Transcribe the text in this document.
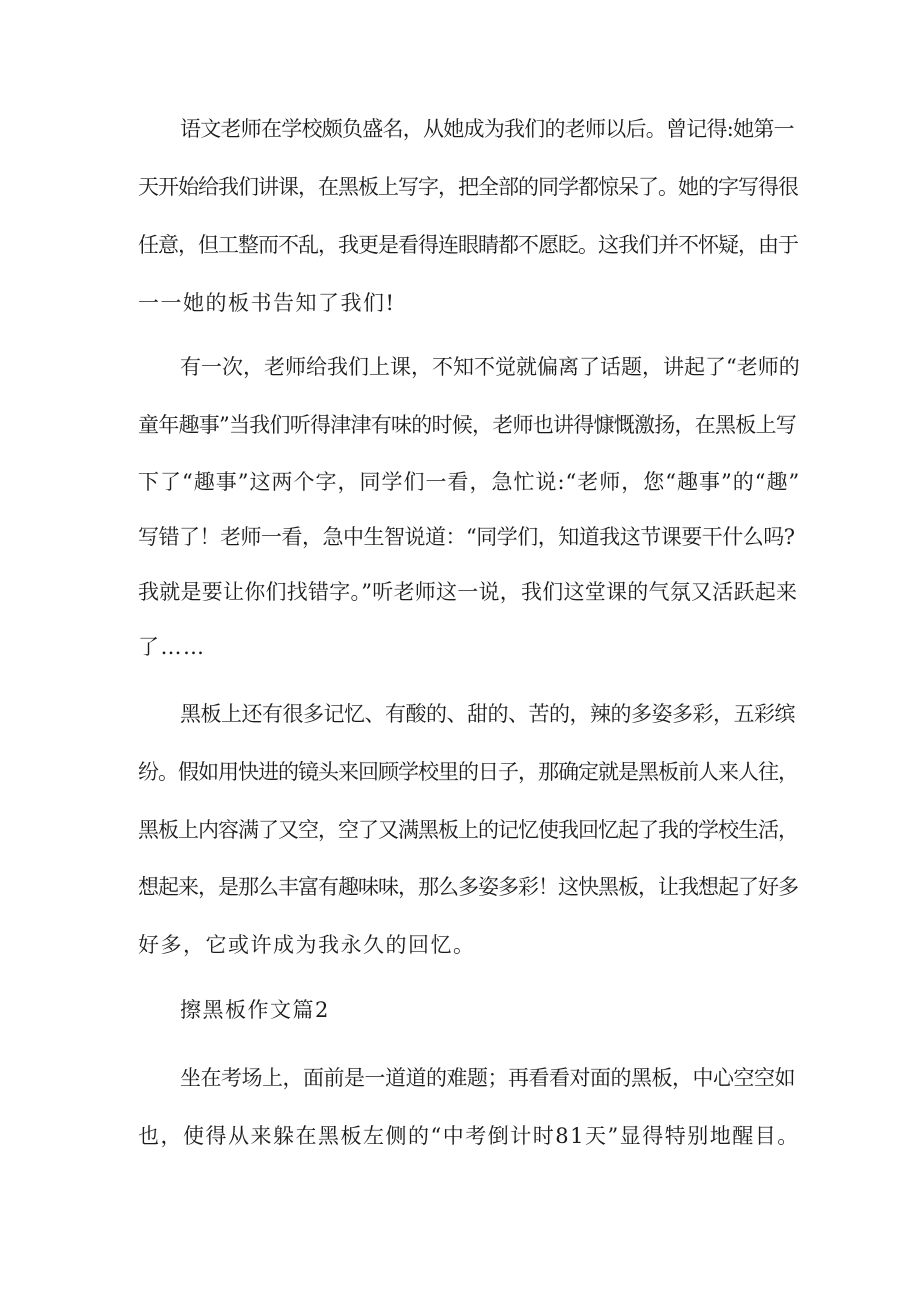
语文老师在学校颇负盛名，从她成为我们的老师以后。曾记得:她第一
天开始给我们讲课，在黑板上写字，把全部的同学都惊呆了。她的字写得很
任意，但工整而不乱，我更是看得连眼睛都不愿眨。这我们并不怀疑，由于
一一她的板书告知了我们!
有一次，老师给我们上课，不知不觉就偏离了话题，讲起了“老师的
童年趣事”当我们听得津津有味的时候，老师也讲得慷慨激扬，在黑板上写
下了“趣事”这两个字，同学们一看，急忙说:“老师，您“趣事”的“趣”
写错了！老师一看，急中生智说道：“同学们，知道我这节课要干什么吗?
我就是要让你们找错字。”听老师这一说，我们这堂课的气氛又活跃起来
了……
黑板上还有很多记忆、有酸的、甜的、苦的，辣的多姿多彩，五彩缤
纷。假如用快进的镜头来回顾学校里的日子，那确定就是黑板前人来人往，
黑板上内容满了又空，空了又满黑板上的记忆使我回忆起了我的学校生活，
想起来，是那么丰富有趣味味，那么多姿多彩！这快黑板，让我想起了好多
好多，它或许成为我永久的回忆。
擦黑板作文篇2
坐在考场上，面前是一道道的难题；再看看对面的黑板，中心空空如
也，使得从来躲在黑板左侧的“中考倒计时81天”显得特别地醒目。
